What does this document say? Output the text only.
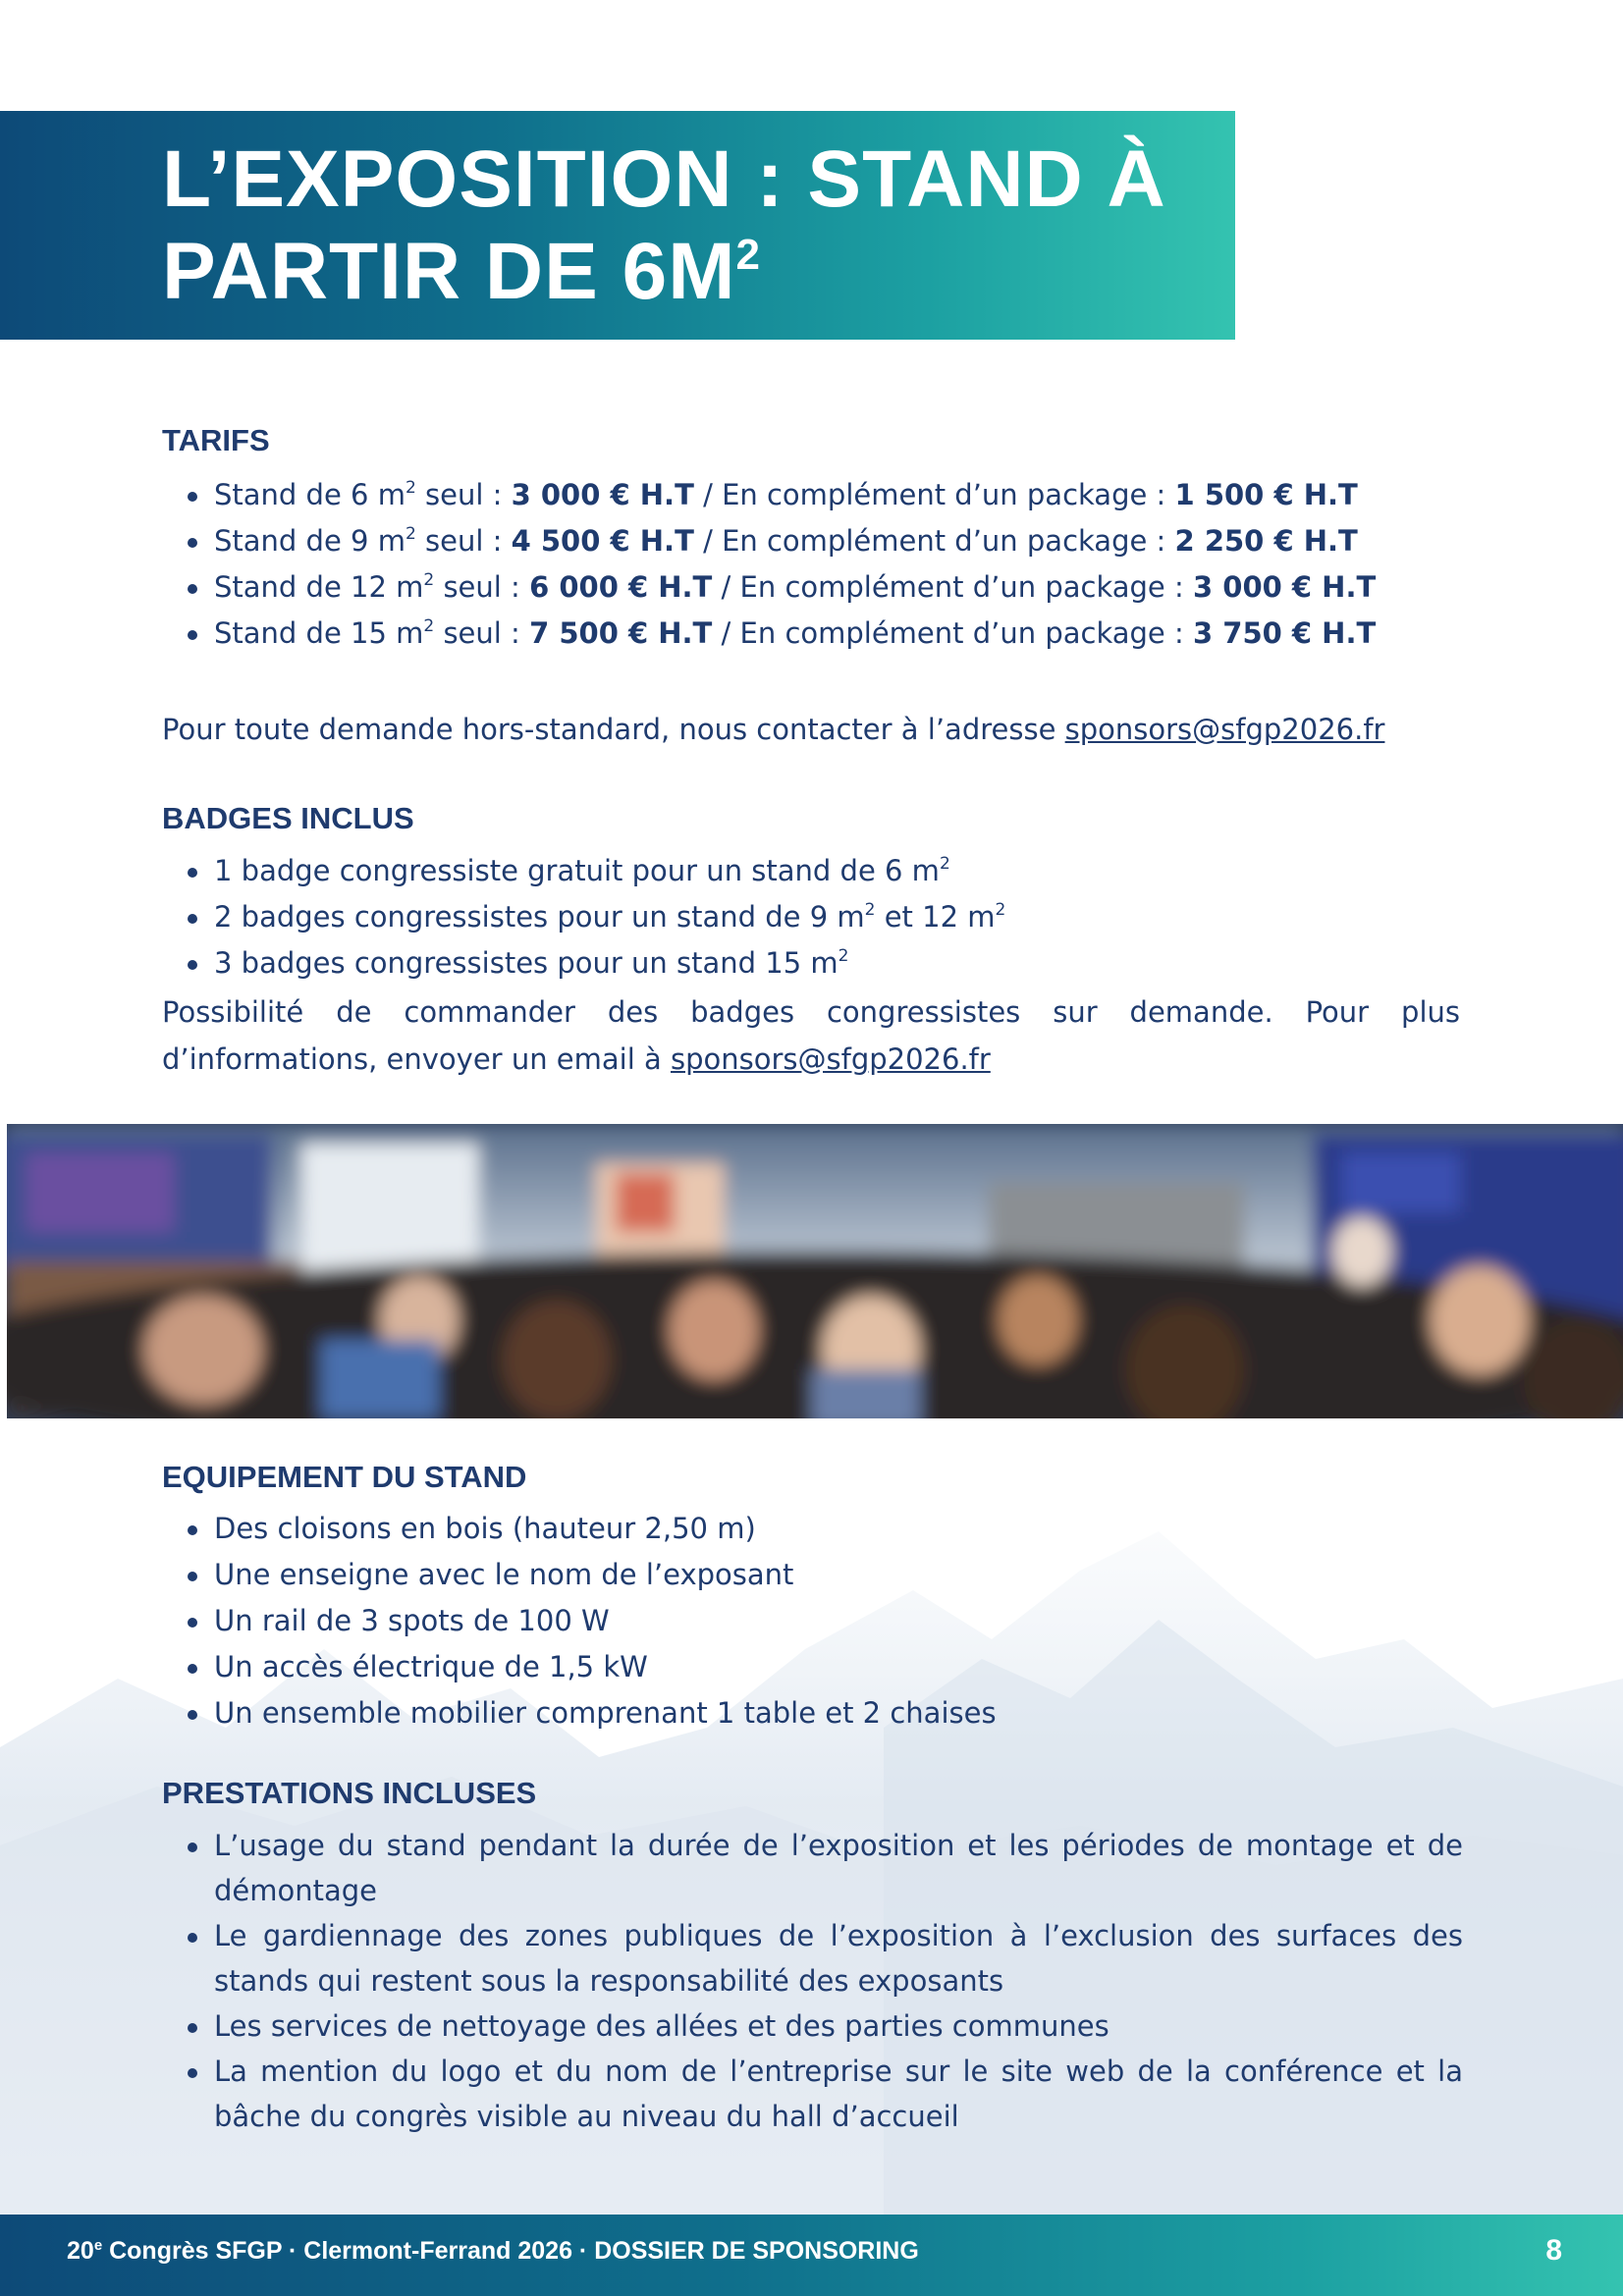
L’EXPOSITION : STAND À
PARTIR DE $6M^2$
TARIFS
Stand de 6 $m^2$ seul : 3 000 € H.T / En complément d’un package : 1 500 € H.T
Stand de 9 $m^2$ seul : 4 500 € H.T / En complément d’un package : 2 250 € H.T
Stand de 12 $m^2$ seul : 6 000 € H.T / En complément d’un package : 3 000 € H.T
Stand de 15 $m^2$ seul : 7 500 € H.T / En complément d’un package : 3 750 € H.T

Pour toute demande hors-standard, nous contacter à l’adresse sponsors@sfgp2026.fr

BADGES INCLUS
1 badge congressiste gratuit pour un stand de 6 $m^2$
2 badges congressistes pour un stand de 9 $m^2$ et 12 $m^2$
3 badges congressistes pour un stand 15 $m^2$

Possibilité de commander des badges congressistes sur demande. Pour plus d’informations, envoyer un email à sponsors@sfgp2026.fr

EQUIPEMENT DU STAND
Des cloisons en bois (hauteur 2,50 m)
Une enseigne avec le nom de l’exposant
Un rail de 3 spots de 100 W
Un accès électrique de 1,5 kW
Un ensemble mobilier comprenant 1 table et 2 chaises
PRESTATIONS INCLUSES
L’usage du stand pendant la durée de l’exposition et les périodes de montage et de démontage
Le gardiennage des zones publiques de l’exposition à l’exclusion des surfaces des stands qui restent sous la responsabilité des exposants
Les services de nettoyage des allées et des parties communes
La mention du logo et du nom de l’entreprise sur le site web de la conférence et la bâche du congrès visible au niveau du hall d’accueil
20e Congrès SFGP · Clermont-Ferrand 2026 · DOSSIER DE SPONSORING	8
